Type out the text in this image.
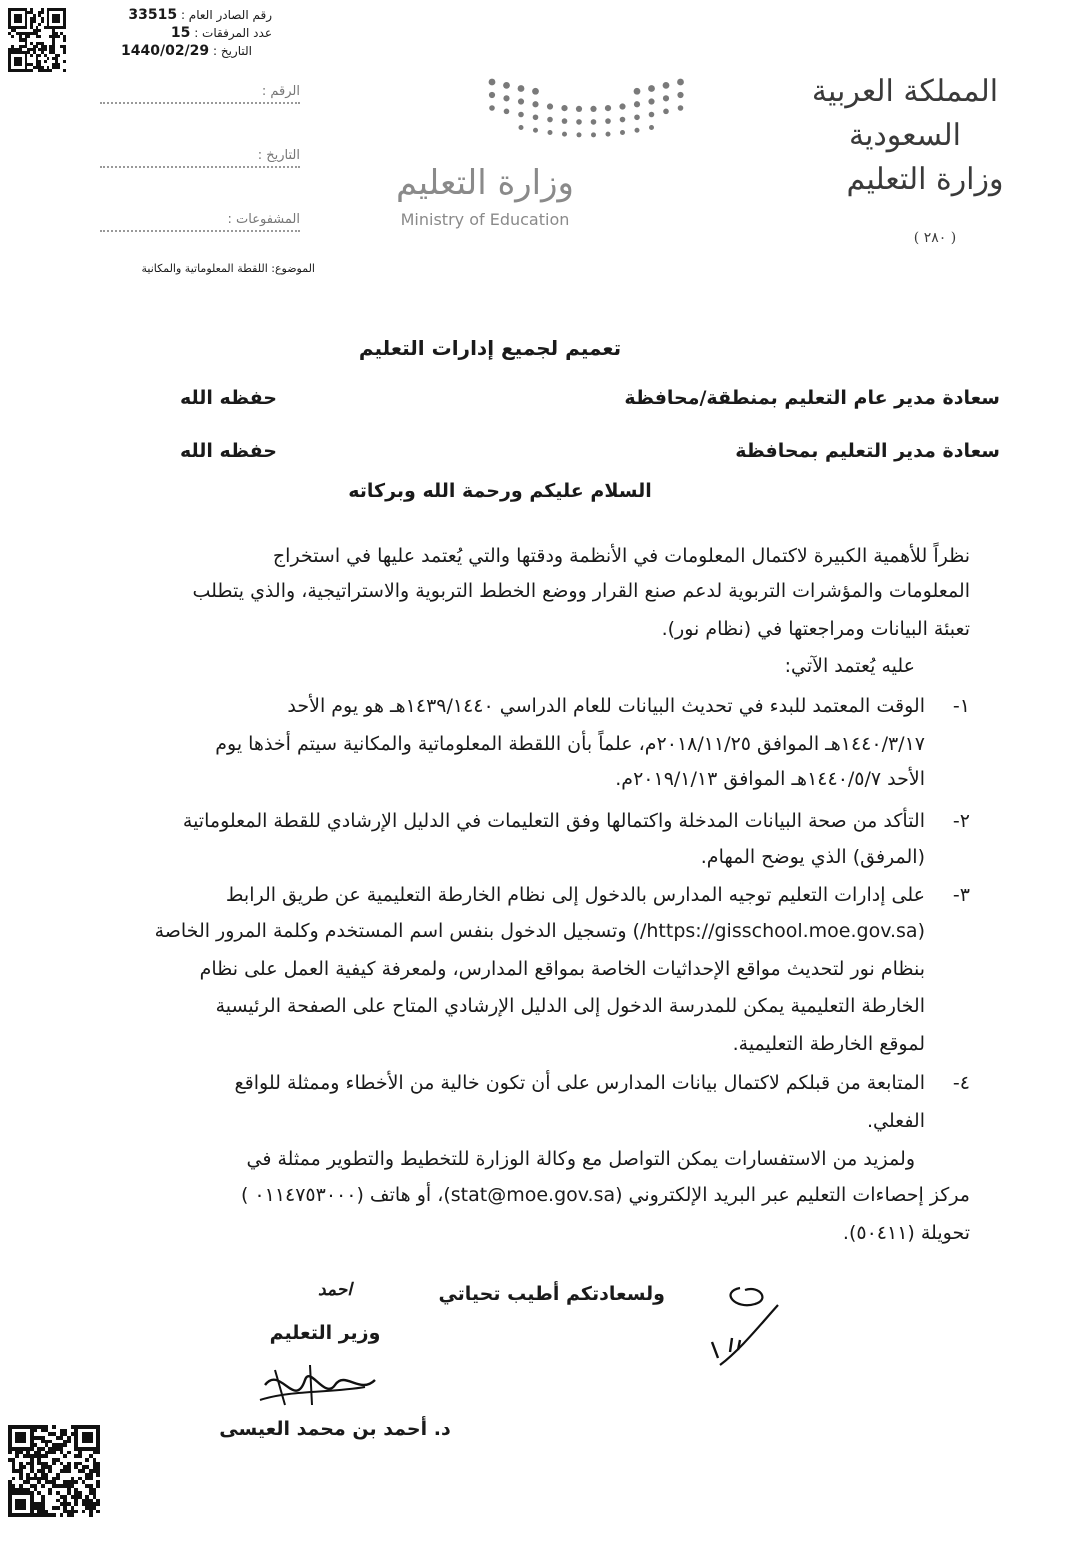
رقم الصادر العام : 33515
عدد المرفقات : 15
التاريخ : 1440/02/29
المملكة العربية السعودية
وزارة التعليم
( ٢٨٠ )
الرقم :
التاريخ :
المشفوعات :
الموضوع: اللقطة المعلوماتية والمكانية
وزارة التعليم
Ministry of Education
تعميم لجميع إدارات التعليم
سعادة مدير عام التعليم بمنطقة/محافظة
حفظه الله
سعادة مدير التعليم بمحافظة
حفظه الله
السلام عليكم ورحمة الله وبركاته
نظراً للأهمية الكبيرة لاكتمال المعلومات في الأنظمة ودقتها والتي يُعتمد عليها في استخراج
المعلومات والمؤشرات التربوية لدعم صنع القرار ووضع الخطط التربوية والاستراتيجية، والذي يتطلب
تعبئة البيانات ومراجعتها في (نظام نور).
عليه يُعتمد الآتي:
١-
الوقت المعتمد للبدء في تحديث البيانات للعام الدراسي ١٤٣٩/١٤٤٠هـ هو يوم الأحد
١٤٤٠/٣/١٧هـ الموافق ٢٠١٨/١١/٢٥م، علماً بأن اللقطة المعلوماتية والمكانية سيتم أخذها يوم
الأحد ١٤٤٠/٥/٧هـ الموافق ٢٠١٩/١/١٣م.
٢-
التأكد من صحة البيانات المدخلة واكتمالها وفق التعليمات في الدليل الإرشادي للقطة المعلوماتية
(المرفق) الذي يوضح المهام.
٣-
على إدارات التعليم توجيه المدارس بالدخول إلى نظام الخارطة التعليمية عن طريق الرابط
(https://gisschool.moe.gov.sa/) وتسجيل الدخول بنفس اسم المستخدم وكلمة المرور الخاصة
بنظام نور لتحديث مواقع الإحداثيات الخاصة بمواقع المدارس، ولمعرفة كيفية العمل على نظام
الخارطة التعليمية يمكن للمدرسة الدخول إلى الدليل الإرشادي المتاح على الصفحة الرئيسية
لموقع الخارطة التعليمية.
٤-
المتابعة من قبلكم لاكتمال بيانات المدارس على أن تكون خالية من الأخطاء وممثلة للواقع
الفعلي.
ولمزيد من الاستفسارات يمكن التواصل مع وكالة الوزارة للتخطيط والتطوير ممثلة في
مركز إحصاءات التعليم عبر البريد الإلكتروني (stat@moe.gov.sa)، أو هاتف (٠١١٤٧٥٣٠٠٠ )
تحويلة (٥٠٤١١).
ولسعادتكم أطيب تحياتي
احمد
وزير التعليم
د. أحمد بن محمد العيسى
